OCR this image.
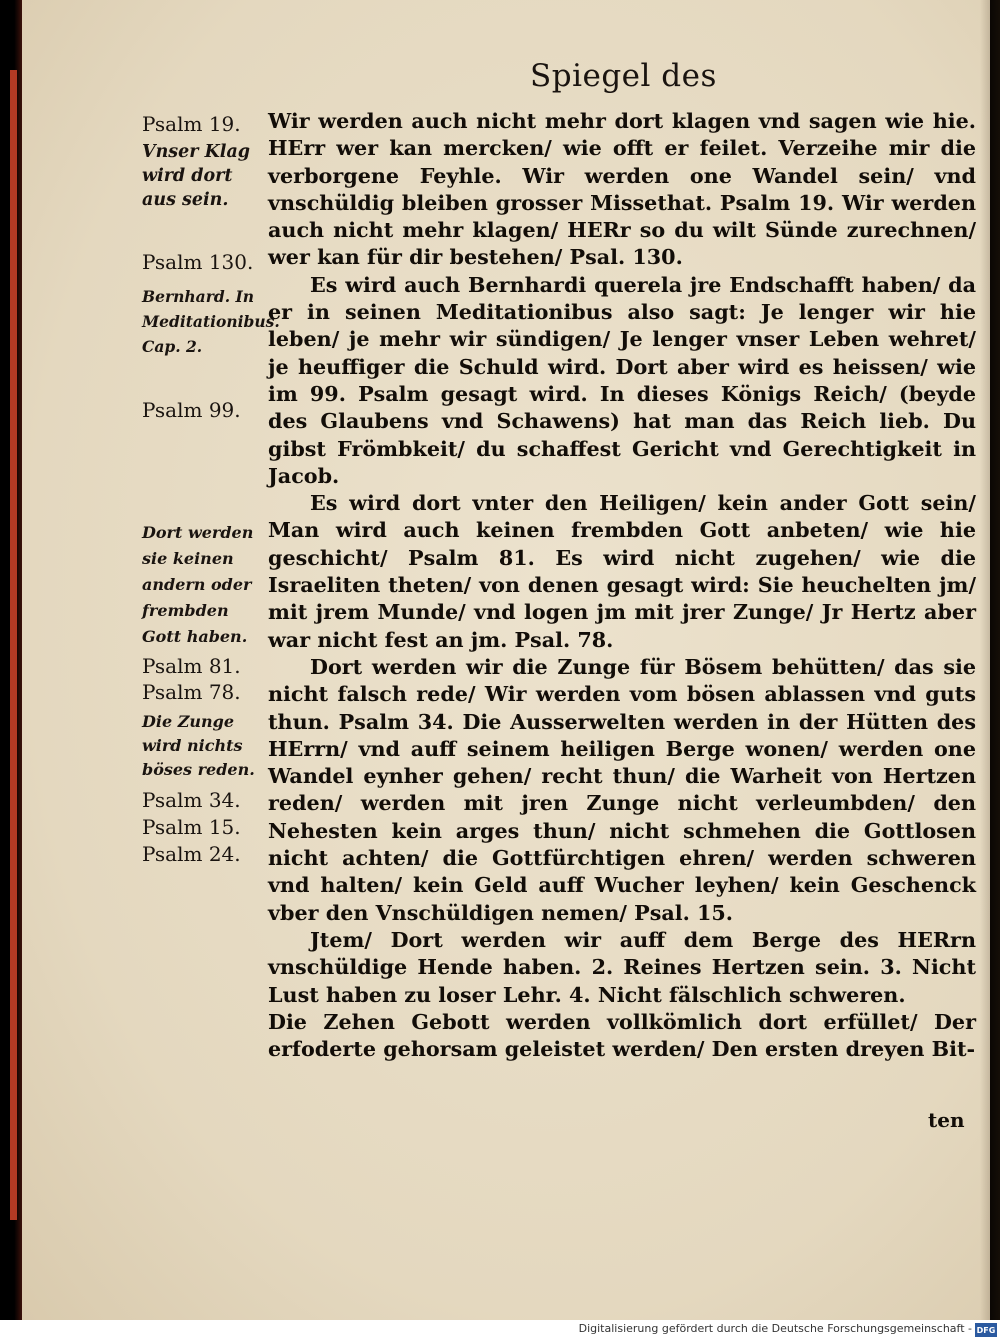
Spiegel des
Psalm 19.
Vnser Klag wird dort aus sein.
Psalm 130.
Bernhard. In Meditationibus. Cap. 2.
Psalm 99.
Dort werden sie keinen andern oder frembden Gott haben.
Psalm 81.
Psalm 78.
Die Zunge wird nichts böses reden.
Psalm 34.
Psalm 15.
Psalm 24.

Wir werden auch nicht mehr dort klagen vnd sagen wie hie. HErr wer kan mercken/ wie offt er feilet. Verzeihe mir die verborgene Feyhle. Wir werden one Wandel sein/ vnd vnschüldig bleiben grosser Missethat. Psalm 19. Wir werden auch nicht mehr klagen/ HERr so du wilt Sünde zurechnen/ wer kan für dir bestehen/ Psal. 130.

Es wird auch Bernhardi querela jre Endschafft haben/ da er in seinen Meditationibus also sagt: Je lenger wir hie leben/ je mehr wir sündigen/ Je lenger vnser Leben wehret/ je heuffiger die Schuld wird. Dort aber wird es heissen/ wie im 99. Psalm gesagt wird. In dieses Königs Reich/ (beyde des Glaubens vnd Schawens) hat man das Reich lieb. Du gibst Frömbkeit/ du schaffest Gericht vnd Gerechtigkeit in Jacob.

Es wird dort vnter den Heiligen/ kein ander Gott sein/ Man wird auch keinen frembden Gott anbeten/ wie hie geschicht/ Psalm 81. Es wird nicht zugehen/ wie die Israeliten theten/ von denen gesagt wird: Sie heuchelten jm/ mit jrem Munde/ vnd logen jm mit jrer Zunge/ Jr Hertz aber war nicht fest an jm. Psal. 78.

Dort werden wir die Zunge für Bösem behütten/ das sie nicht falsch rede/ Wir werden vom bösen ablassen vnd guts thun. Psalm 34. Die Ausserwelten werden in der Hütten des HErrn/ vnd auff seinem heiligen Berge wonen/ werden one Wandel eynher gehen/ recht thun/ die Warheit von Hertzen reden/ werden mit jren Zunge nicht verleumbden/ den Nehesten kein arges thun/ nicht schmehen die Gottlosen nicht achten/ die Gottfürchtigen ehren/ werden schweren vnd halten/ kein Geld auff Wucher leyhen/ kein Geschenck vber den Vnschüldigen nemen/ Psal. 15.

Jtem/ Dort werden wir auff dem Berge des HERrn vnschüldige Hende haben. 2. Reines Hertzen sein. 3. Nicht Lust haben zu loser Lehr. 4. Nicht fälschlich schweren.

Die Zehen Gebott werden vollkömlich dort erfüllet/ Der erfoderte gehorsam geleistet werden/ Den ersten dreyen Bit-

ten
Digitalisierung gefördert durch die Deutsche Forschungsgemeinschaft - DFG
